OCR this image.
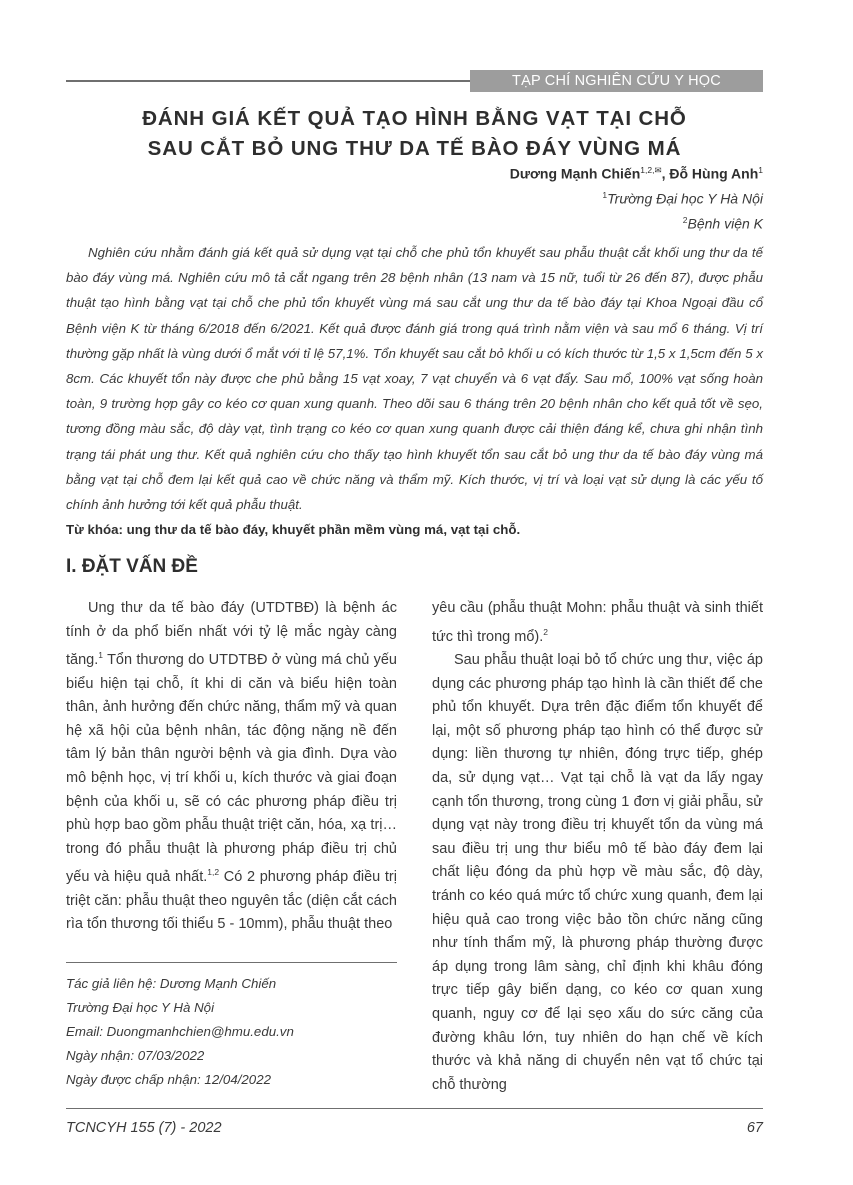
TẠP CHÍ NGHIÊN CỨU Y HỌC
ĐÁNH GIÁ KẾT QUẢ TẠO HÌNH BẰNG VẠT TẠI CHỖ
SAU CẮT BỎ UNG THƯ DA TẾ BÀO ĐÁY VÙNG MÁ
Dương Mạnh Chiến$^{1,2,✉}$, Đỗ Hùng Anh$^1$
$^1$Trường Đại học Y Hà Nội
$^2$Bệnh viện K

Nghiên cứu nhằm đánh giá kết quả sử dụng vạt tại chỗ che phủ tổn khuyết sau phẫu thuật cắt khối ung thư da tế bào đáy vùng má. Nghiên cứu mô tả cắt ngang trên 28 bệnh nhân (13 nam và 15 nữ, tuổi từ 26 đến 87), được phẫu thuật tạo hình bằng vạt tại chỗ che phủ tổn khuyết vùng má sau cắt ung thư da tế bào đáy tại Khoa Ngoại đầu cổ Bệnh viện K từ tháng 6/2018 đến 6/2021. Kết quả được đánh giá trong quá trình nằm viện và sau mổ 6 tháng. Vị trí thường gặp nhất là vùng dưới ổ mắt với tỉ lệ 57,1%. Tổn khuyết sau cắt bỏ khối u có kích thước từ 1,5 x 1,5cm đến 5 x 8cm. Các khuyết tổn này được che phủ bằng 15 vạt xoay, 7 vạt chuyển và 6 vạt đẩy. Sau mổ, 100% vạt sống hoàn toàn, 9 trường hợp gây co kéo cơ quan xung quanh. Theo dõi sau 6 tháng trên 20 bệnh nhân cho kết quả tốt về sẹo, tương đồng màu sắc, độ dày vạt, tình trạng co kéo cơ quan xung quanh được cải thiện đáng kể, chưa ghi nhận tình trạng tái phát ung thư. Kết quả nghiên cứu cho thấy tạo hình khuyết tổn sau cắt bỏ ung thư da tế bào đáy vùng má bằng vạt tại chỗ đem lại kết quả cao về chức năng và thẩm mỹ. Kích thước, vị trí và loại vạt sử dụng là các yếu tố chính ảnh hưởng tới kết quả phẫu thuật.

Từ khóa: ung thư da tế bào đáy, khuyết phần mềm vùng má, vạt tại chỗ.
I. ĐẶT VẤN ĐỀ

Ung thư da tế bào đáy (UTDTBĐ) là bệnh ác tính ở da phổ biến nhất với tỷ lệ mắc ngày càng tăng.$^1$ Tổn thương do UTDTBĐ ở vùng má chủ yếu biểu hiện tại chỗ, ít khi di căn và biểu hiện toàn thân, ảnh hưởng đến chức năng, thẩm mỹ và quan hệ xã hội của bệnh nhân, tác động nặng nề đến tâm lý bản thân người bệnh và gia đình. Dựa vào mô bệnh học, vị trí khối u, kích thước và giai đoạn bệnh của khối u, sẽ có các phương pháp điều trị phù hợp bao gồm phẫu thuật triệt căn, hóa, xạ trị… trong đó phẫu thuật là phương pháp điều trị chủ yếu và hiệu quả nhất.$^{1,2}$ Có 2 phương pháp điều trị triệt căn: phẫu thuật theo nguyên tắc (diện cắt cách rìa tổn thương tối thiểu 5 - 10mm), phẫu thuật theo

yêu cầu (phẫu thuật Mohn: phẫu thuật và sinh thiết tức thì trong mổ).$^2$

Sau phẫu thuật loại bỏ tổ chức ung thư, việc áp dụng các phương pháp tạo hình là cần thiết để che phủ tổn khuyết. Dựa trên đặc điểm tổn khuyết để lại, một số phương pháp tạo hình có thể được sử dụng: liền thương tự nhiên, đóng trực tiếp, ghép da, sử dụng vạt… Vạt tại chỗ là vạt da lấy ngay cạnh tổn thương, trong cùng 1 đơn vị giải phẫu, sử dụng vạt này trong điều trị khuyết tổn da vùng má sau điều trị ung thư biểu mô tế bào đáy đem lại chất liệu đóng da phù hợp về màu sắc, độ dày, tránh co kéo quá mức tổ chức xung quanh, đem lại hiệu quả cao trong việc bảo tồn chức năng cũng như tính thẩm mỹ, là phương pháp thường được áp dụng trong lâm sàng, chỉ định khi khâu đóng trực tiếp gây biến dạng, co kéo cơ quan xung quanh, nguy cơ để lại sẹo xấu do sức căng của đường khâu lớn, tuy nhiên do hạn chế về kích thước và khả năng di chuyển nên vạt tổ chức tại chỗ thường

Tác giả liên hệ: Dương Mạnh Chiến
Trường Đại học Y Hà Nội
Email: Duongmanhchien@hmu.edu.vn
Ngày nhận: 07/03/2022
Ngày được chấp nhận: 12/04/2022
TCNCYH 155 (7) - 2022	67
